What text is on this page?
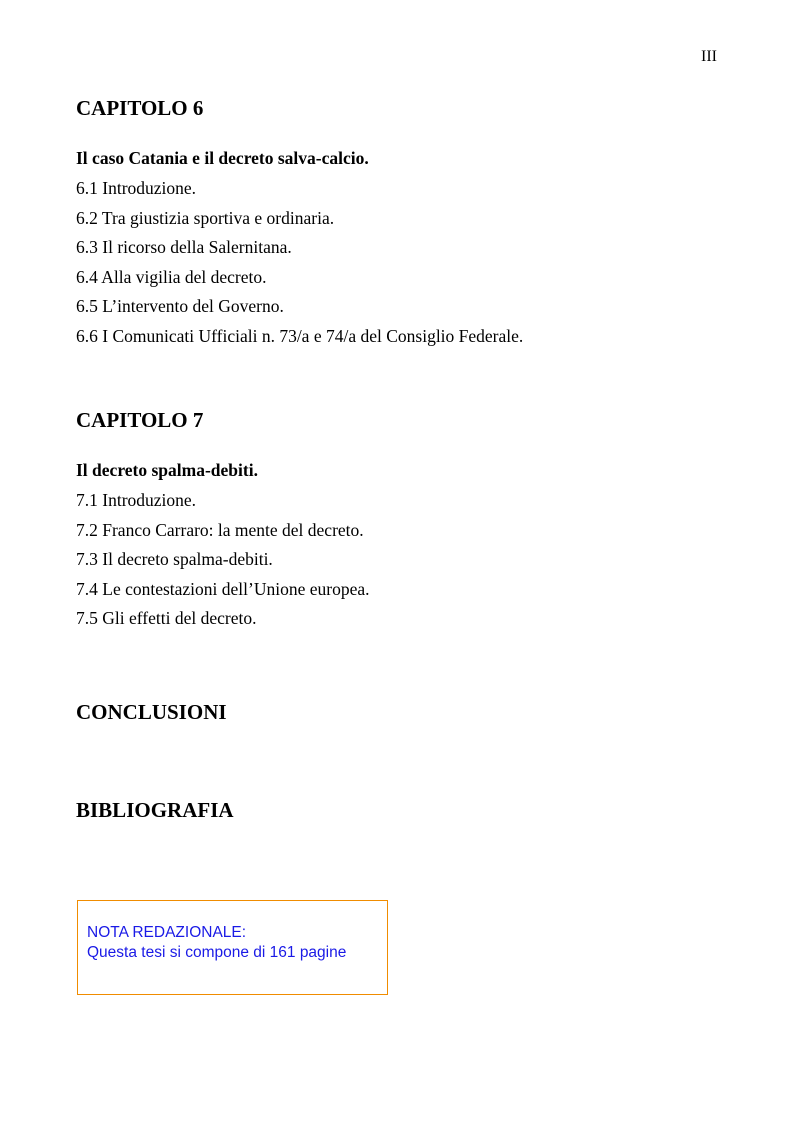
III
CAPITOLO 6
Il caso Catania e il decreto salva-calcio.
6.1 Introduzione.
6.2 Tra giustizia sportiva e ordinaria.
6.3 Il ricorso della Salernitana.
6.4 Alla vigilia del decreto.
6.5 L’intervento del Governo.
6.6 I Comunicati Ufficiali n. 73/a e 74/a del Consiglio Federale.
CAPITOLO 7
Il decreto spalma-debiti.
7.1 Introduzione.
7.2 Franco Carraro: la mente del decreto.
7.3 Il decreto spalma-debiti.
7.4 Le contestazioni dell’Unione europea.
7.5 Gli effetti del decreto.
CONCLUSIONI
BIBLIOGRAFIA
NOTA REDAZIONALE:
Questa tesi si compone di 161 pagine
